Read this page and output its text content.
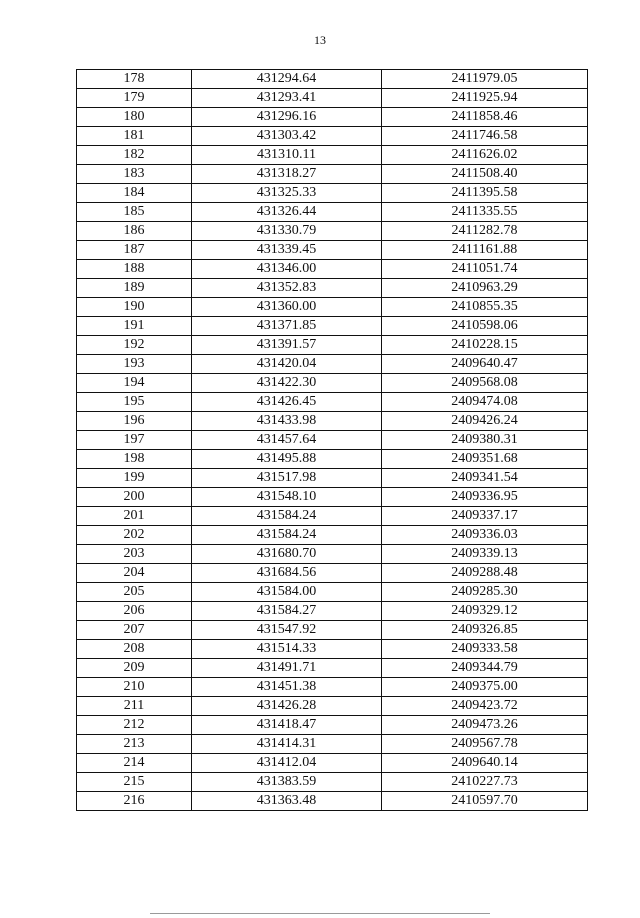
13
178	431294.64	2411979.05
179	431293.41	2411925.94
180	431296.16	2411858.46
181	431303.42	2411746.58
182	431310.11	2411626.02
183	431318.27	2411508.40
184	431325.33	2411395.58
185	431326.44	2411335.55
186	431330.79	2411282.78
187	431339.45	2411161.88
188	431346.00	2411051.74
189	431352.83	2410963.29
190	431360.00	2410855.35
191	431371.85	2410598.06
192	431391.57	2410228.15
193	431420.04	2409640.47
194	431422.30	2409568.08
195	431426.45	2409474.08
196	431433.98	2409426.24
197	431457.64	2409380.31
198	431495.88	2409351.68
199	431517.98	2409341.54
200	431548.10	2409336.95
201	431584.24	2409337.17
202	431584.24	2409336.03
203	431680.70	2409339.13
204	431684.56	2409288.48
205	431584.00	2409285.30
206	431584.27	2409329.12
207	431547.92	2409326.85
208	431514.33	2409333.58
209	431491.71	2409344.79
210	431451.38	2409375.00
211	431426.28	2409423.72
212	431418.47	2409473.26
213	431414.31	2409567.78
214	431412.04	2409640.14
215	431383.59	2410227.73
216	431363.48	2410597.70
